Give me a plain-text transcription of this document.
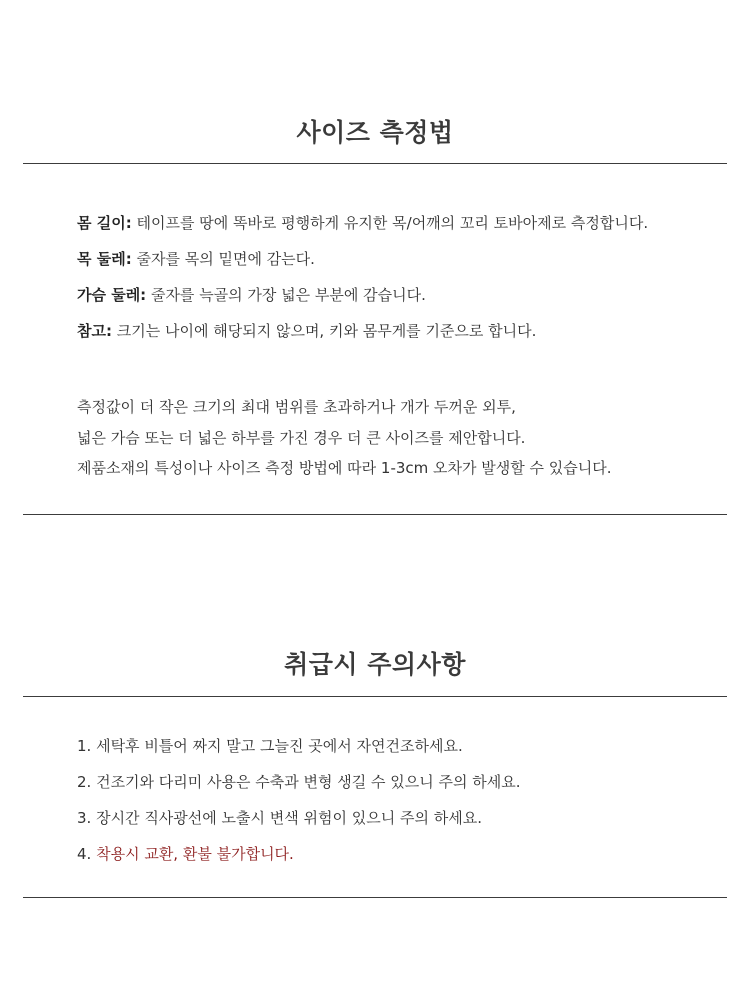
사이즈 측정법
몸 길이: 테이프를 땅에 똑바로 평행하게 유지한 목/어깨의 꼬리 토바아제로 측정합니다.
목 둘레: 줄자를 목의 밑면에 감는다.
가슴 둘레: 줄자를 늑골의 가장 넓은 부분에 감습니다.
참고: 크기는 나이에 해당되지 않으며, 키와 몸무게를 기준으로 합니다.
측정값이 더 작은 크기의 최대 범위를 초과하거나 개가 두꺼운 외투,
넓은 가슴 또는 더 넓은 하부를 가진 경우 더 큰 사이즈를 제안합니다.
제품소재의 특성이나 사이즈 측정 방법에 따라 1-3cm 오차가 발생할 수 있습니다.
취급시 주의사항
1. 세탁후 비틀어 짜지 말고 그늘진 곳에서 자연건조하세요.
2. 건조기와 다리미 사용은 수축과 변형 생길 수 있으니 주의 하세요.
3. 장시간 직사광선에 노출시 변색 위험이 있으니 주의 하세요.
4. 착용시 교환, 환불 불가합니다.
